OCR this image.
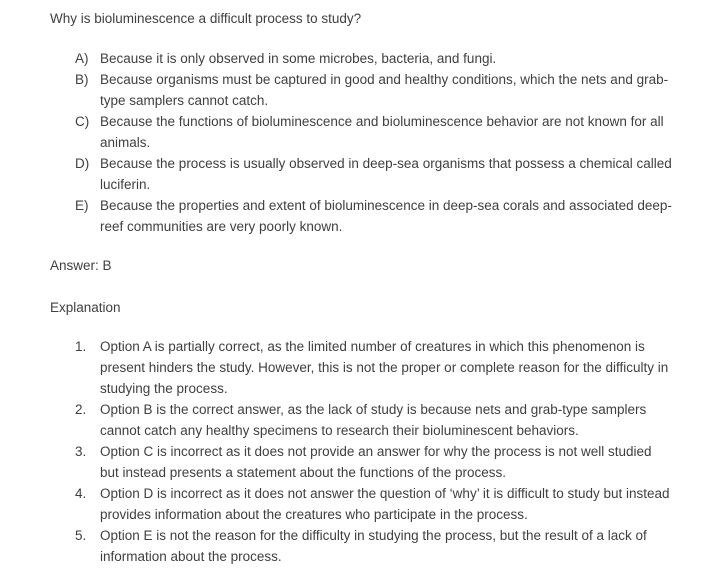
Why is bioluminescence a difficult process to study?

A) Because it is only observed in some microbes, bacteria, and fungi.
B) Because organisms must be captured in good and healthy conditions, which the nets and grab-type samplers cannot catch.
C) Because the functions of bioluminescence and bioluminescence behavior are not known for all animals.
D) Because the process is usually observed in deep-sea organisms that possess a chemical called luciferin.
E) Because the properties and extent of bioluminescence in deep-sea corals and associated deep-reef communities are very poorly known.

Answer: B

Explanation

1.	Option A is partially correct, as the limited number of creatures in which this phenomenon is present hinders the study. However, this is not the proper or complete reason for the difficulty in studying the process.
2.	Option B is the correct answer, as the lack of study is because nets and grab-type samplers cannot catch any healthy specimens to research their bioluminescent behaviors.
3.	Option C is incorrect as it does not provide an answer for why the process is not well studied but instead presents a statement about the functions of the process.
4.	Option D is incorrect as it does not answer the question of ‘why’ it is difficult to study but instead provides information about the creatures who participate in the process.
5.	Option E is not the reason for the difficulty in studying the process, but the result of a lack of information about the process.
